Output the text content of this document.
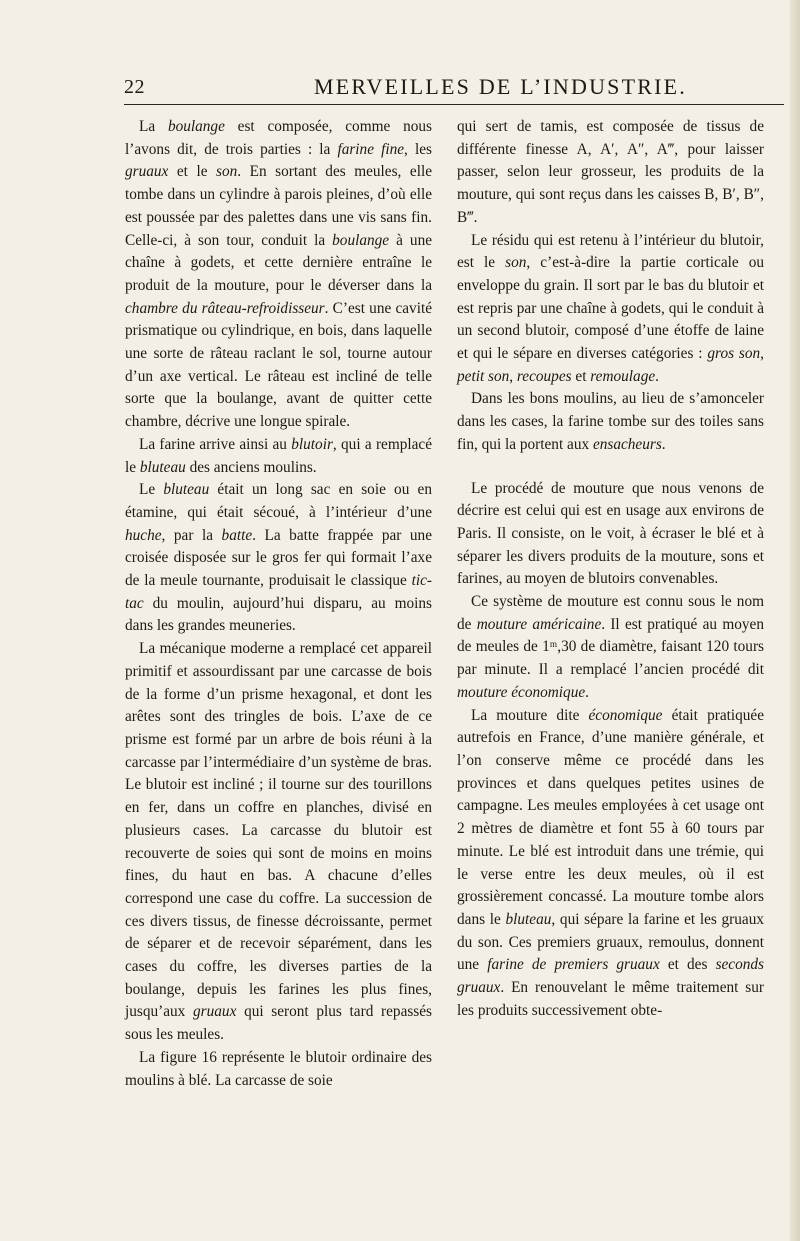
22	MERVEILLES DE L’INDUSTRIE.

La boulange est composée, comme nous l’avons dit, de trois parties : la farine fine, les gruaux et le son. En sortant des meules, elle tombe dans un cylindre à parois pleines, d’où elle est poussée par des palettes dans une vis sans fin. Celle-ci, à son tour, conduit la boulange à une chaîne à godets, et cette dernière entraîne le produit de la mouture, pour le déverser dans la chambre du râteau-refroidisseur. C’est une cavité prismatique ou cylindrique, en bois, dans laquelle une sorte de râteau raclant le sol, tourne autour d’un axe vertical. Le râteau est incliné de telle sorte que la boulange, avant de quitter cette chambre, décrive une longue spirale.

La farine arrive ainsi au blutoir, qui a remplacé le bluteau des anciens moulins.

Le bluteau était un long sac en soie ou en étamine, qui était sécoué, à l’intérieur d’une huche, par la batte. La batte frappée par une croisée disposée sur le gros fer qui formait l’axe de la meule tournante, produisait le classique tic-tac du moulin, aujourd’hui disparu, au moins dans les grandes meuneries.

La mécanique moderne a remplacé cet appareil primitif et assourdissant par une carcasse de bois de la forme d’un prisme hexagonal, et dont les arêtes sont des tringles de bois. L’axe de ce prisme est formé par un arbre de bois réuni à la carcasse par l’intermédiaire d’un système de bras. Le blutoir est incliné ; il tourne sur des tourillons en fer, dans un coffre en planches, divisé en plusieurs cases. La carcasse du blutoir est recouverte de soies qui sont de moins en moins fines, du haut en bas. A chacune d’elles correspond une case du coffre. La succession de ces divers tissus, de finesse décroissante, permet de séparer et de recevoir séparément, dans les cases du coffre, les diverses parties de la boulange, depuis les farines les plus fines, jusqu’aux gruaux qui seront plus tard repassés sous les meules.

La figure 16 représente le blutoir ordinaire des moulins à blé. La carcasse de soie

qui sert de tamis, est composée de tissus de différente finesse A, A′, A″, A‴, pour laisser passer, selon leur grosseur, les produits de la mouture, qui sont reçus dans les caisses B, B′, B″, B‴.

Le résidu qui est retenu à l’intérieur du blutoir, est le son, c’est-à-dire la partie corticale ou enveloppe du grain. Il sort par le bas du blutoir et est repris par une chaîne à godets, qui le conduit à un second blutoir, composé d’une étoffe de laine et qui le sépare en diverses catégories : gros son, petit son, recoupes et remoulage.

Dans les bons moulins, au lieu de s’amonceler dans les cases, la farine tombe sur des toiles sans fin, qui la portent aux ensacheurs.

Le procédé de mouture que nous venons de décrire est celui qui est en usage aux environs de Paris. Il consiste, on le voit, à écraser le blé et à séparer les divers produits de la mouture, sons et farines, au moyen de blutoirs convenables.

Ce système de mouture est connu sous le nom de mouture américaine. Il est pratiqué au moyen de meules de 1ᵐ,30 de diamètre, faisant 120 tours par minute. Il a remplacé l’ancien procédé dit mouture économique.

La mouture dite économique était pratiquée autrefois en France, d’une manière générale, et l’on conserve même ce procédé dans les provinces et dans quelques petites usines de campagne. Les meules employées à cet usage ont 2 mètres de diamètre et font 55 à 60 tours par minute. Le blé est introduit dans une trémie, qui le verse entre les deux meules, où il est grossièrement concassé. La mouture tombe alors dans le bluteau, qui sépare la farine et les gruaux du son. Ces premiers gruaux, remoulus, donnent une farine de premiers gruaux et des seconds gruaux. En renouvelant le même traitement sur les produits successivement obte-
